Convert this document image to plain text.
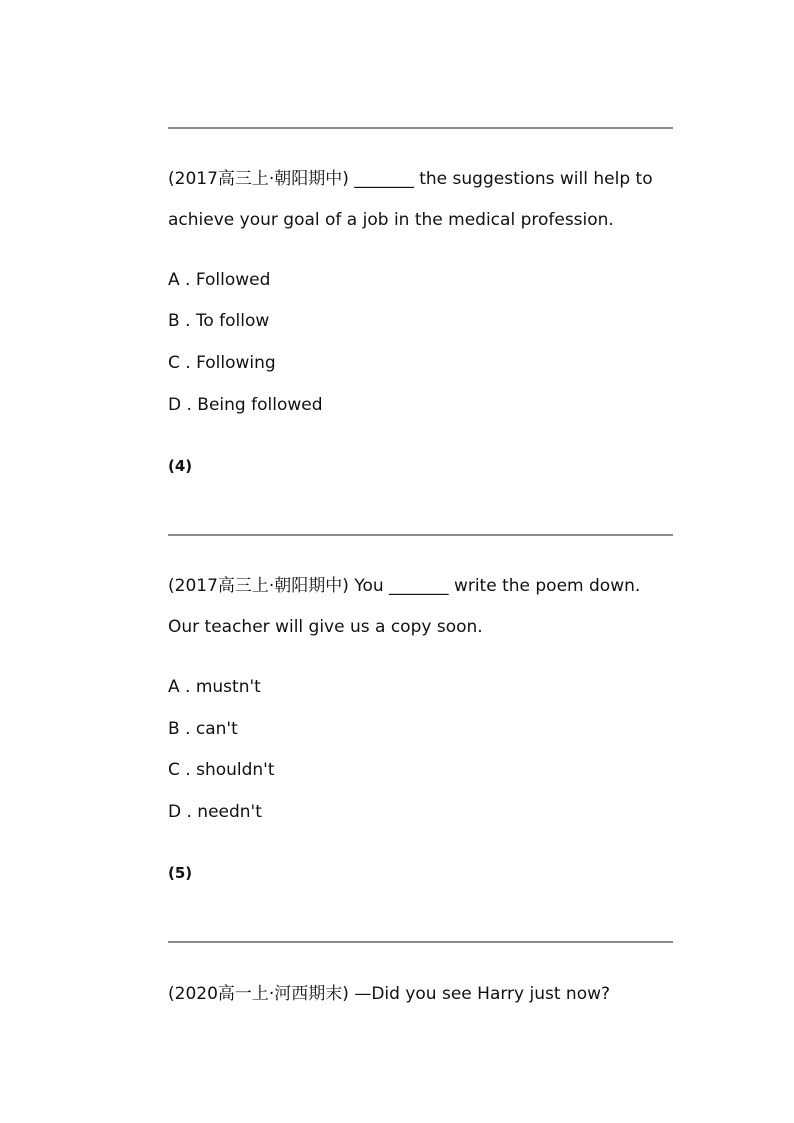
(2017高三上·朝阳期中) _______ the suggestions will help to
achieve your goal of a job in the medical profession.
A . Followed
B . To follow
C . Following
D . Being followed
(4)
(2017高三上·朝阳期中) You _______ write the poem down.
Our teacher will give us a copy soon.
A . mustn't
B . can't
C . shouldn't
D . needn't
(5)
(2020高一上·河西期末) —Did you see Harry just now?
